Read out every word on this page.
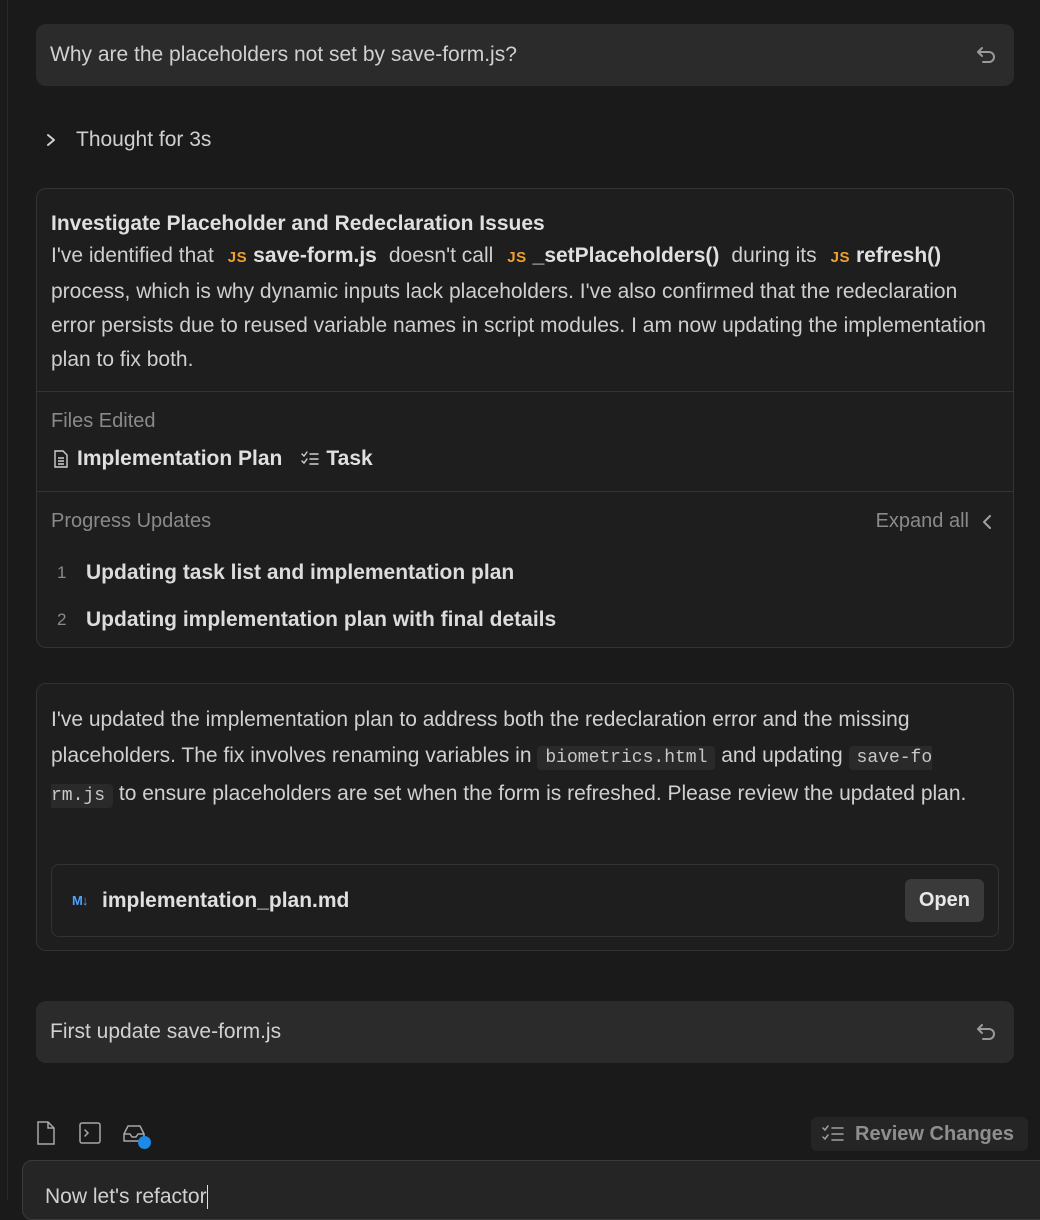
Why are the placeholders not set by save-form.js?
Thought for 3s
Investigate Placeholder and Redeclaration Issues
I've identified that JS save-form.js doesn't call JS _setPlaceholders() during its JS refresh() process, which is why dynamic inputs lack placeholders. I've also confirmed that the redeclaration error persists due to reused variable names in script modules. I am now updating the implementation plan to fix both.
Files Edited
Implementation Plan Task
Progress Updates	Expand all
1 Updating task list and implementation plan
2 Updating implementation plan with final details
I've updated the implementation plan to address both the redeclaration error and the missing placeholders. The fix involves renaming variables in biometrics.html and updating save-fo rm.js to ensure placeholders are set when the form is refreshed. Please review the updated plan.
M↓ implementation_plan.md	Open
First update save-form.js
Review Changes
Now let's refactor
